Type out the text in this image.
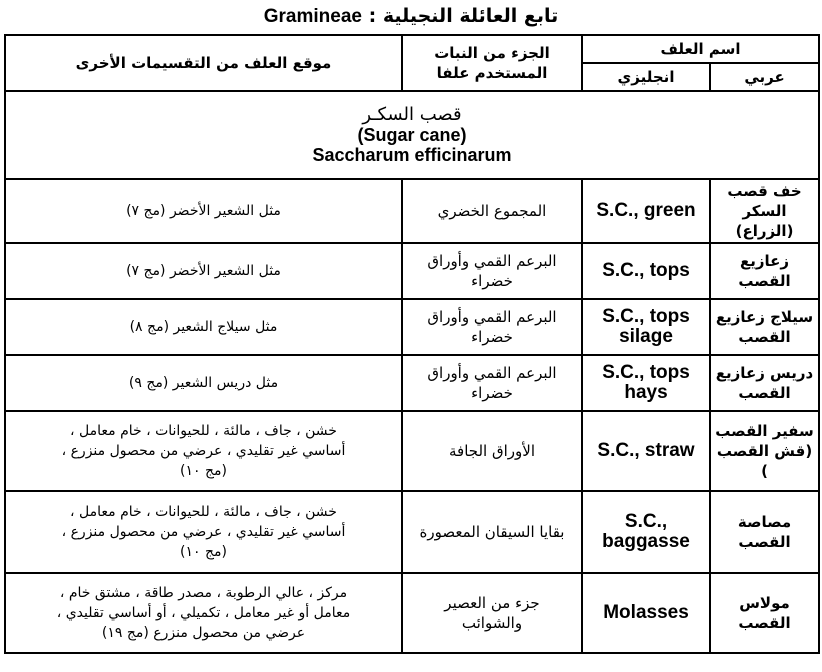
تابع العائلة النجيلية : Gramineae
اسم العلف		الجزء من النبات
المستخدم علفا	موقع العلف من التقسيمات الأخرى
عربي	انجليزي		

قصب السكـر
(Sugar cane)
Saccharum efficinarum			

خف قصب السكر
(الزراع)	S.C., green	المجموع الخضري	مثل الشعير الأخضر (مج ٧)

زعازيع القصب	S.C., tops	البرعم القمي وأوراق
خضراء	مثل الشعير الأخضر (مج ٧)

سيلاج زعازيع
القصب	S.C., tops
silage	البرعم القمي وأوراق
خضراء	مثل سيلاج الشعير (مج ٨)

دريس زعازيع
القصب	S.C., tops
hays	البرعم القمي وأوراق
خضراء	مثل دريس الشعير (مج ٩)

سفير القصب
(قش القصب )	S.C., straw	الأوراق الجافة	خشن ، جاف ، مالئة ، للحيوانات ، خام معامل ،
أساسي غير تقليدي ، عرضي من محصول منزرع ،
(مج ١٠)

مصاصة القصب	S.C.,
baggasse	بقايا السيقان المعصورة	خشن ، جاف ، مالئة ، للحيوانات ، خام معامل ،
أساسي غير تقليدي ، عرضي من محصول منزرع ،
(مج ١٠)

مولاس القصب	Molasses	جزء من العصير
والشوائب	مركز ، عالي الرطوبة ، مصدر طاقة ، مشتق خام ،
معامل أو غير معامل ، تكميلي ، أو أساسي تقليدي ،
عرضي من محصول منزرع (مج ١٩)
